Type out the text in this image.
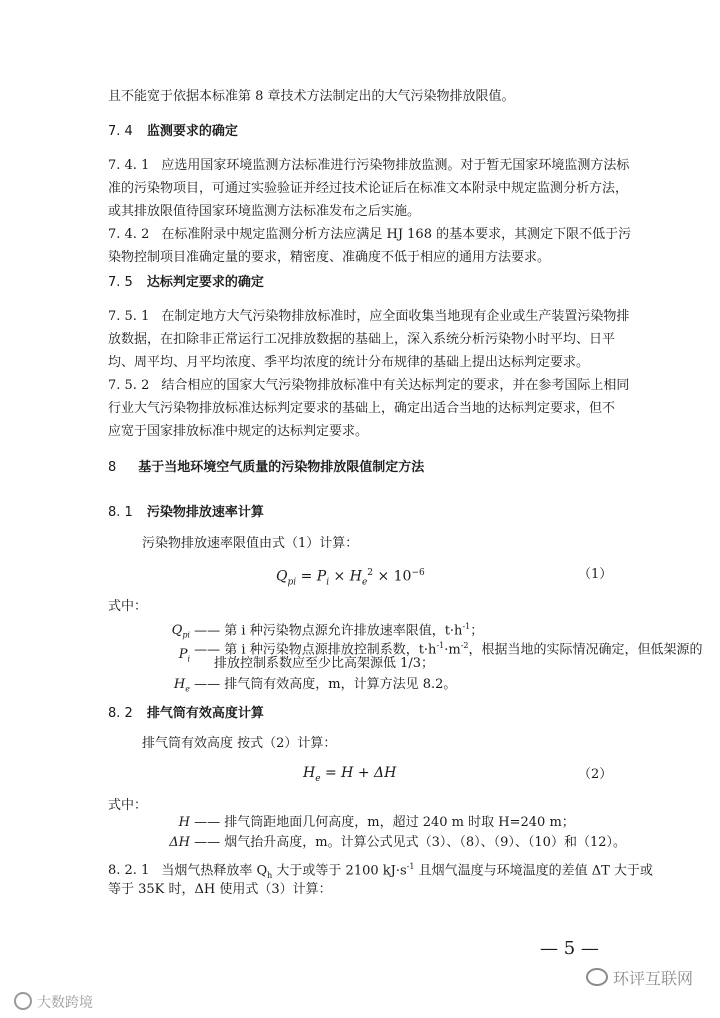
且不能宽于依据本标准第 8 章技术方法制定出的大气污染物排放限值。
7. 4 监测要求的确定
7. 4. 1 应选用国家环境监测方法标准进行污染物排放监测。对于暂无国家环境监测方法标
准的污染物项目，可通过实验验证并经过技术论证后在标准文本附录中规定监测分析方法，
或其排放限值待国家环境监测方法标准发布之后实施。
7. 4. 2 在标准附录中规定监测分析方法应满足 HJ 168 的基本要求，其测定下限不低于污
染物控制项目准确定量的要求，精密度、准确度不低于相应的通用方法要求。
7. 5 达标判定要求的确定
7. 5. 1 在制定地方大气污染物排放标准时，应全面收集当地现有企业或生产装置污染物排
放数据，在扣除非正常运行工况排放数据的基础上，深入系统分析污染物小时平均、日平
均、周平均、月平均浓度、季平均浓度的统计分布规律的基础上提出达标判定要求。
7. 5. 2 结合相应的国家大气污染物排放标准中有关达标判定的要求，并在参考国际上相同
行业大气污染物排放标准达标判定要求的基础上，确定出适合当地的达标判定要求，但不
应宽于国家排放标准中规定的达标判定要求。
8 基于当地环境空气质量的污染物排放限值制定方法
8. 1 污染物排放速率计算
污染物排放速率限值由式（1）计算：
$Q_{pi} = P_i \times H_e^2 \times 10^{-6}$	（1）
式中：
$Q_{pi}$ —— 第 i 种污染物点源允许排放速率限值，$t\cdot h^{-1}$；
—— 第 i 种污染物点源排放控制系数，$t\cdot h^{-1}\cdot m^{-2}$，根据当地的实际情况确定，但低架源的
$P_i$ 排放控制系数应至少比高架源低 1/3；
$H_e$ —— 排气筒有效高度，m，计算方法见 8.2。
8. 2 排气筒有效高度计算
排气筒有效高度 按式（2）计算：
$H_e = H + \Delta H$	（2）
式中：
H —— 排气筒距地面几何高度，m，超过 240 m 时取 H=240 m；
ΔH —— 烟气抬升高度，m。计算公式见式（3）、（8）、（9）、（10）和（12）。
8. 2. 1 当烟气热释放率 $Q_h$ 大于或等于 2100 $kJ\cdot s^{-1}$ 且烟气温度与环境温度的差值 ΔT 大于或
等于 35K 时，ΔH 使用式（3）计算：
— 5 —
大数跨境
环评互联网
